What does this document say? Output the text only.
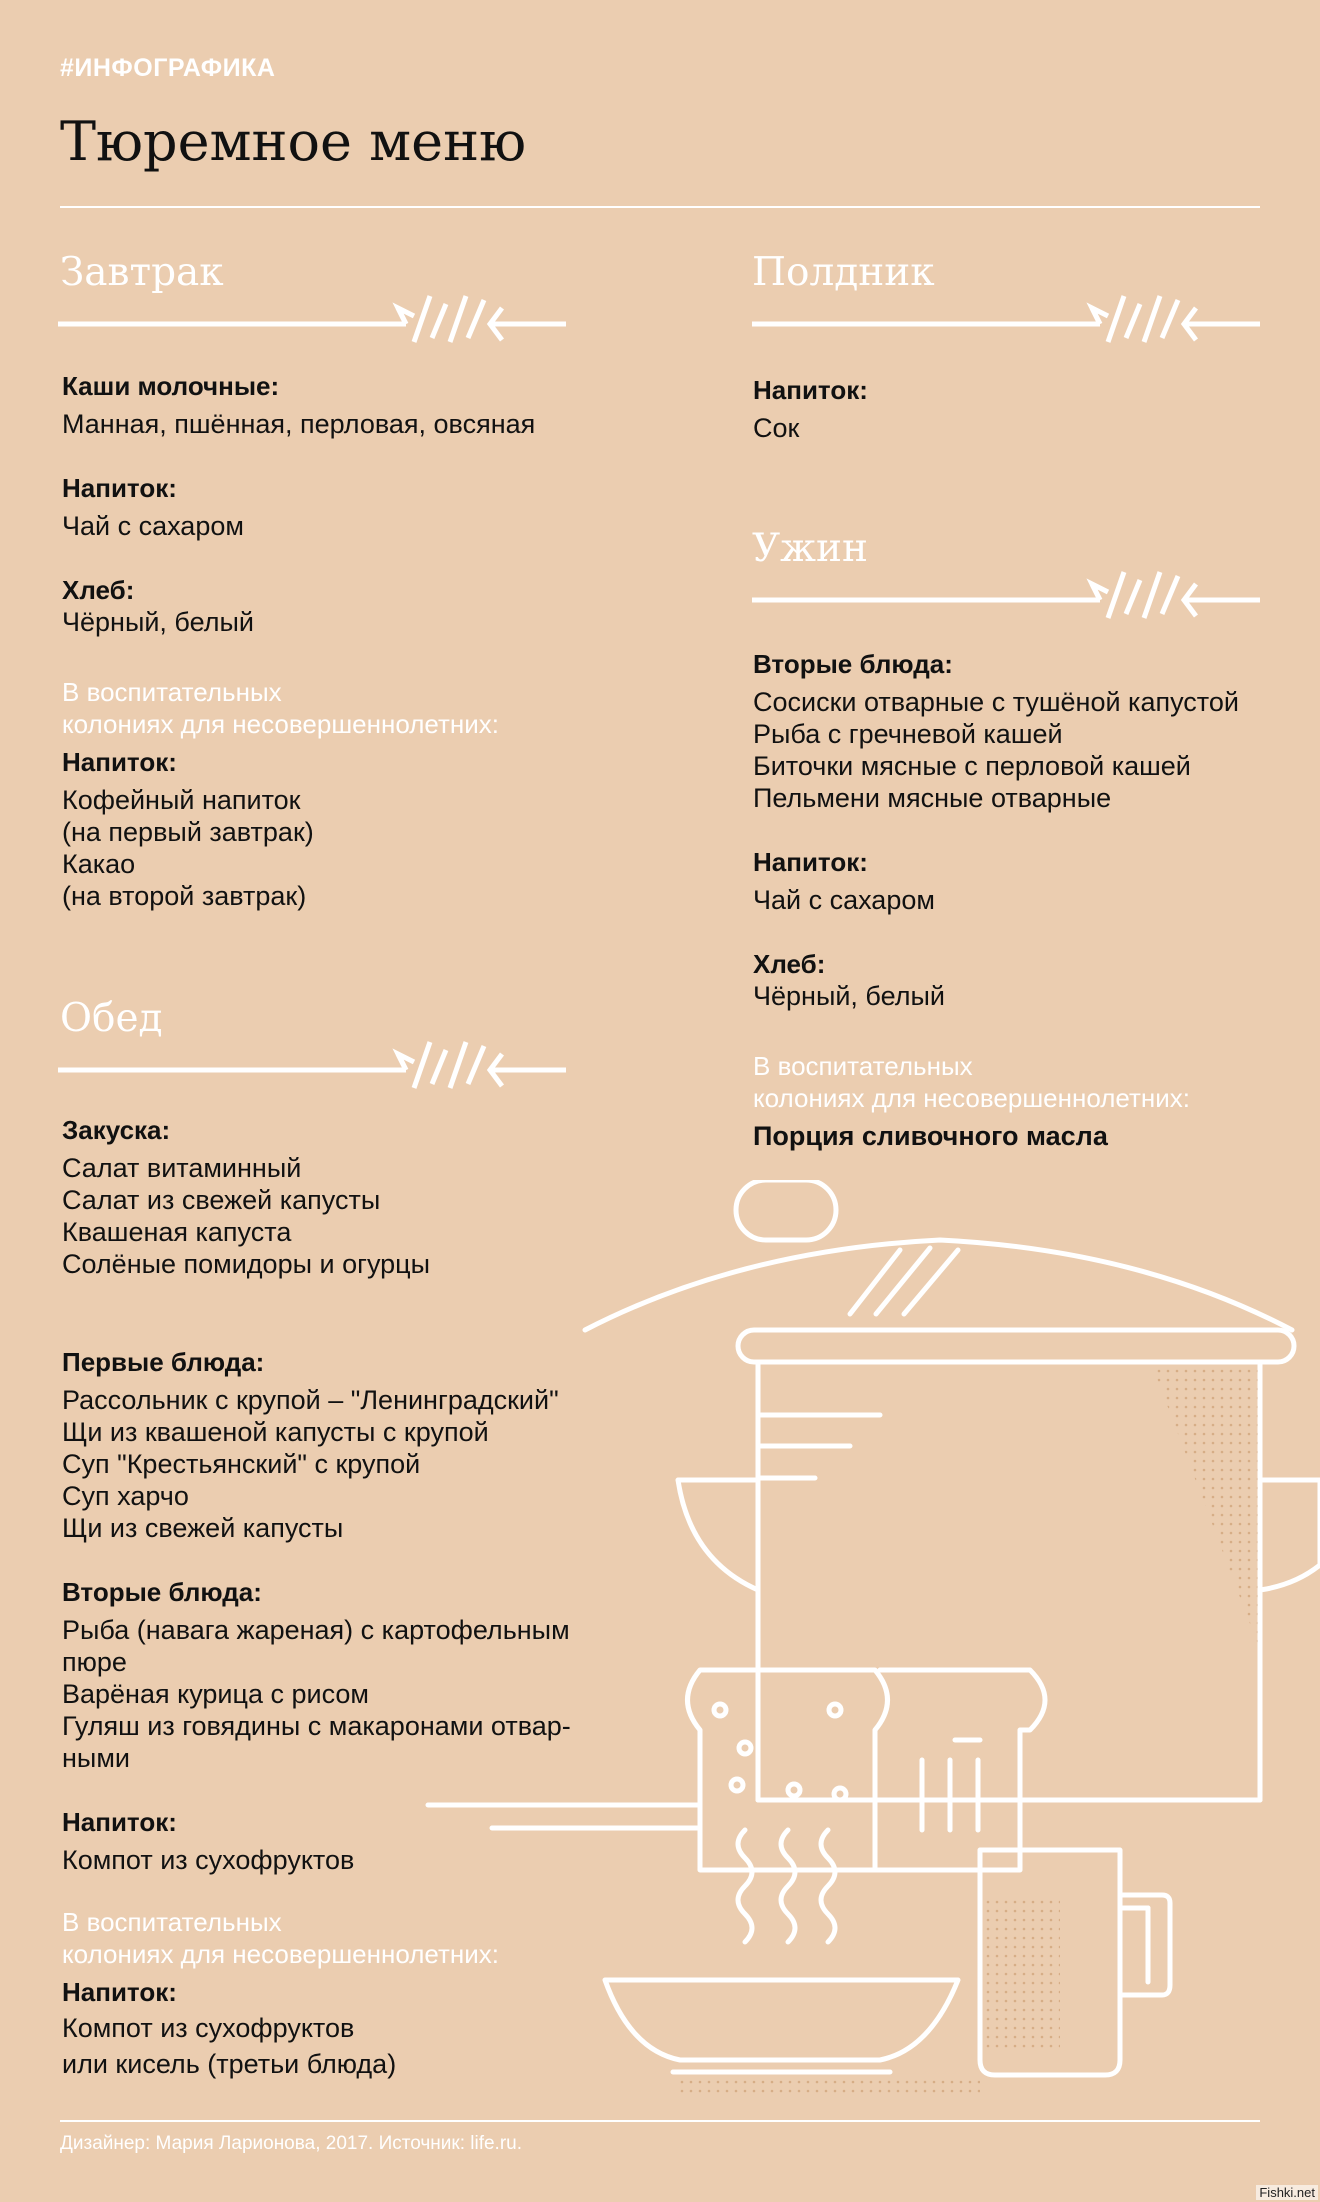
#ИНФОГРАФИКА
Тюремное меню
Завтрак
Каши молочные:
Манная, пшённая, перловая, овсяная
Напиток:
Чай с сахаром
Хлеб:
Чёрный, белый
В воспитательных
колониях для несовершеннолетних:
Напиток:
Кофейный напиток
(на первый завтрак)
Какао
(на второй завтрак)
Обед
Закуска:
Салат витаминный
Салат из свежей капусты
Квашеная капуста
Солёные помидоры и огурцы
Первые блюда:
Рассольник с крупой – "Ленинградский"
Щи из квашеной капусты с крупой
Суп "Крестьянский" с крупой
Суп харчо
Щи из свежей капусты
Вторые блюда:
Рыба (навага жареная) с картофельным
пюре
Варёная курица с рисом
Гуляш из говядины с макаронами отвар-
ными
Напиток:
Компот из сухофруктов
В воспитательных
колониях для несовершеннолетних:
Напиток:
Компот из сухофруктов
или кисель (третьи блюда)
Полдник
Напиток:
Сок
Ужин
Вторые блюда:
Сосиски отварные с тушёной капустой
Рыба с гречневой кашей
Биточки мясные с перловой кашей
Пельмени мясные отварные
Напиток:
Чай с сахаром
Хлеб:
Чёрный, белый
В воспитательных
колониях для несовершеннолетних:
Порция сливочного масла
Дизайнер: Мария Ларионова, 2017. Источник: life.ru.
Fishki.net
